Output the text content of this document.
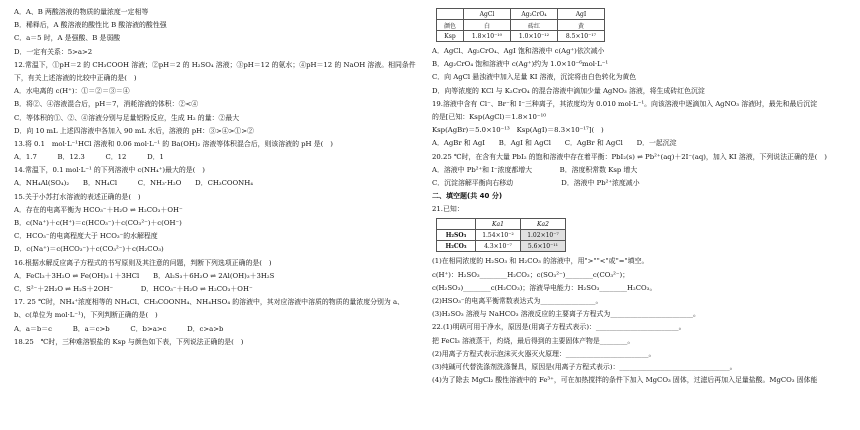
A．A、B 两酸溶液的物质的量浓度一定相等
B．稀释后，A 酸溶液的酸性比 B 酸溶液的酸性强
C．a＝5 时，A 是强酸、B 是弱酸
D．一定有关系：5>a>2
12.常温下，①pH＝2 的 CH₃COOH 溶液；②pH＝2 的 H₂SO₄ 溶液；③pH＝12 的氨水；④pH＝12 的 NaOH 溶液。相同条件
下，有关上述溶液的比较中正确的是(　)
A．水电离的 c(H⁺)：①＝②＝③＝④
B．将②、④溶液混合后，pH＝7，消耗溶液的体积：②<④
C．等体积的①、②、④溶液分别与足量铝粉反应，生成 H₂ 的量：②最大
D．向 10 mL 上述四溶液中各加入 90 mL 水后，溶液的 pH：③>④>①>②
13.将 0.1　mol·L⁻¹HCl 溶液和 0.06 mol·L⁻¹ 的 Ba(OH)₂ 溶液等体积混合后，则该溶液的 pH 是(　)
A．1.7　　　B．12.3　　　C．12　　　D．1
14.常温下，0.1 mol·L⁻¹ 的下列溶液中 c(NH₄⁺)最大的是(　)
A．NH₄Al(SO₄)₂　　B．NH₄Cl　　　C．NH₃·H₂O　　D．CH₃COONH₄
15.关于小苏打水溶液的表述正确的是(　)
A．存在的电离平衡为 HCO₃⁻＋H₂O ⇌ H₂CO₃＋OH⁻
B．c(Na⁺)＋c(H⁺)＝c(HCO₃⁻)＋c(CO₃²⁻)＋c(OH⁻)
C．HCO₃⁻的电离程度大于 HCO₃⁻的水解程度
D．c(Na⁺)＝c(HCO₃⁻)＋c(CO₃²⁻)＋c(H₂CO₃)
16.根据水解反应离子方程式的书写原则及其注意的问题，判断下列选项正确的是(　)
A．FeCl₃＋3H₂O ⇌ Fe(OH)₃↓＋3HCl　　B．Al₂S₃＋6H₂O ⇌ 2Al(OH)₃＋3H₂S
C．S²⁻＋2H₂O ⇌ H₂S＋2OH⁻　　　　D．HCO₃⁻＋H₂O ⇌ H₂CO₃＋OH⁻
17. 25 ℃时，NH₄⁺浓度相等的 NH₄Cl、CH₃COONH₄、NH₄HSO₄ 的溶液中，其对应溶液中溶质的物质的量浓度分别为 a、
b、c(单位为 mol·L⁻¹)，下列判断正确的是(　)
A．a＝b＝c　　　B．a＝c>b　　　C．b>a>c　　　D．c>a>b
18.25　℃时，三种难溶银盐的 Ksp 与颜色如下表，下列说法正确的是(　)
	AgCl	Ag₂CrO₄	AgI
颜色	白	砖红	黄
Ksp	1.8×10⁻¹⁰	1.0×10⁻¹²	8.5×10⁻¹⁷
A．AgCl、Ag₂CrO₄、AgI 饱和溶液中 c(Ag⁺)依次减小
B．Ag₂CrO₄ 饱和溶液中 c(Ag⁺)约为 1.0×10⁻⁶mol·L⁻¹
C．向 AgCl 悬浊液中加入足量 KI 溶液，沉淀将由白色转化为黄色
D．向等浓度的 KCl 与 K₂CrO₄ 的混合溶液中滴加少量 AgNO₃ 溶液，将生成砖红色沉淀
19.溶液中含有 Cl⁻、Br⁻和 I⁻三种离子，其浓度均为 0.010 mol·L⁻¹。向该溶液中逐滴加入 AgNO₃ 溶液时，最先和最后沉淀
的是[已知：Ksp(AgCl)＝1.8×10⁻¹⁰
Ksp(AgBr)＝5.0×10⁻¹³　Ksp(AgI)＝8.3×10⁻¹⁷](　)
A．AgBr 和 AgI　　B．AgI 和 AgCl　　C．AgBr 和 AgCl　　D．一起沉淀
20.25 ℃时，在含有大量 PbI₂ 的饱和溶液中存在着平衡：PbI₂(s) ⇌ Pb²⁺(aq)＋2I⁻(aq)，加入 KI 溶液，下列说法正确的是(　)
A．溶液中 Pb²⁺和 I⁻浓度都增大　　　　B．溶度积常数 Ksp 增大
C．沉淀溶解平衡向右移动　　　　　　　D．溶液中 Pb²⁺浓度减小
二、填空题(共 40 分)
21.已知：
	Ka1	Ka2
H₂SO₃	1.54×10⁻²	1.02×10⁻⁷
H₂CO₃	4.3×10⁻⁷	5.6×10⁻¹¹
(1)在相同浓度的 H₂SO₃ 和 H₂CO₃ 的溶液中，用">""<"或"="填空。
c(H⁺)：H₂SO₃________H₂CO₃；c(SO₃²⁻)________c(CO₃²⁻)；
c(H₂SO₃)________c(H₂CO₃)；溶液导电能力：H₂SO₃________H₂CO₃。
(2)HSO₃⁻的电离平衡常数表达式为________________。
(3)H₂SO₃ 溶液与 NaHCO₃ 溶液反应的主要离子方程式为________________________。
22.(1)明矾可用于净水，原因是(用离子方程式表示)：________________________。
把 FeCl₃ 溶液蒸干，灼烧，最后得到的主要固体产物是________。
(2)用离子方程式表示泡沫灭火器灭火原理：________________________。
(3)纯碱可代替洗涤剂洗涤餐具，原因是(用离子方程式表示)：________________________________。
(4)为了除去 MgCl₂ 酸性溶液中的 Fe³⁺，可在加热搅拌的条件下加入 MgCO₃ 固体，过滤后再加入足量盐酸。MgCO₃ 固体能
